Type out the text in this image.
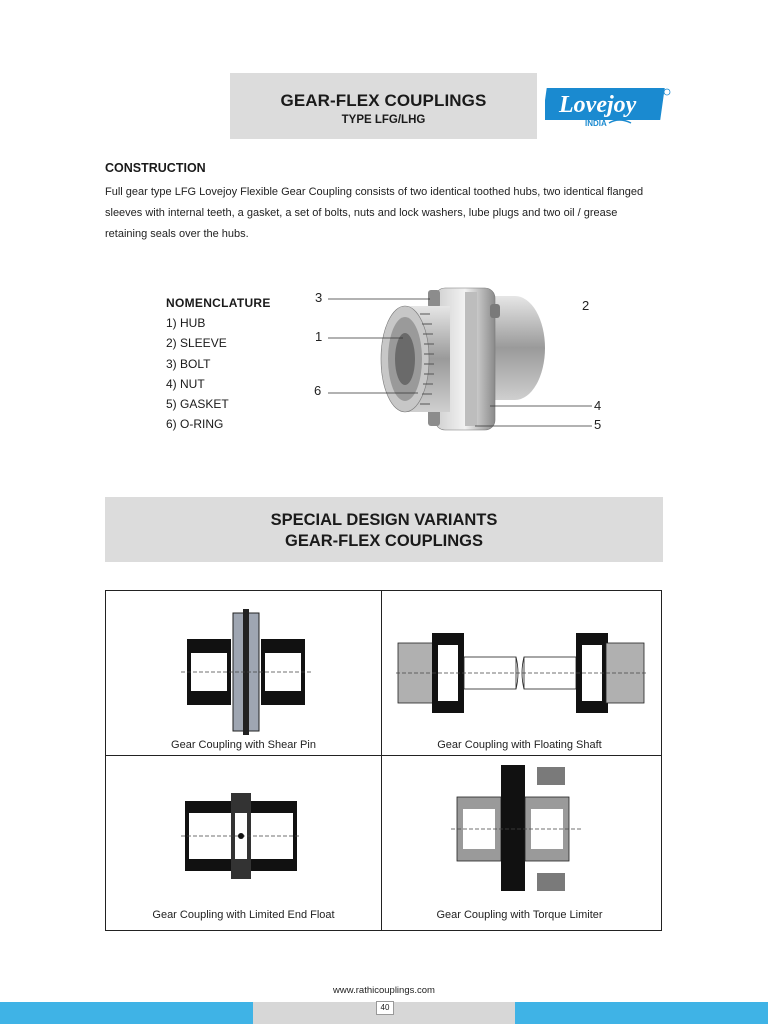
GEAR-FLEX COUPLINGS
TYPE LFG/LHG
Lovejoy
INDIA
CONSTRUCTION
Full gear type LFG Lovejoy Flexible Gear Coupling consists of two identical toothed hubs, two identical flanged
sleeves with internal teeth, a gasket, a set of bolts, nuts and lock washers, lube plugs and two oil / grease
retaining seals over the hubs.
NOMENCLATURE
1) HUB
2) SLEEVE
3) BOLT
4) NUT
5) GASKET
6) O-RING
3
1
6
2
4
5
SPECIAL DESIGN VARIANTS
GEAR-FLEX COUPLINGS
Gear Coupling with Shear Pin	Gear Coupling with Floating Shaft
Gear Coupling with Limited End Float	Gear Coupling with Torque Limiter
www.rathicouplings.com
40
